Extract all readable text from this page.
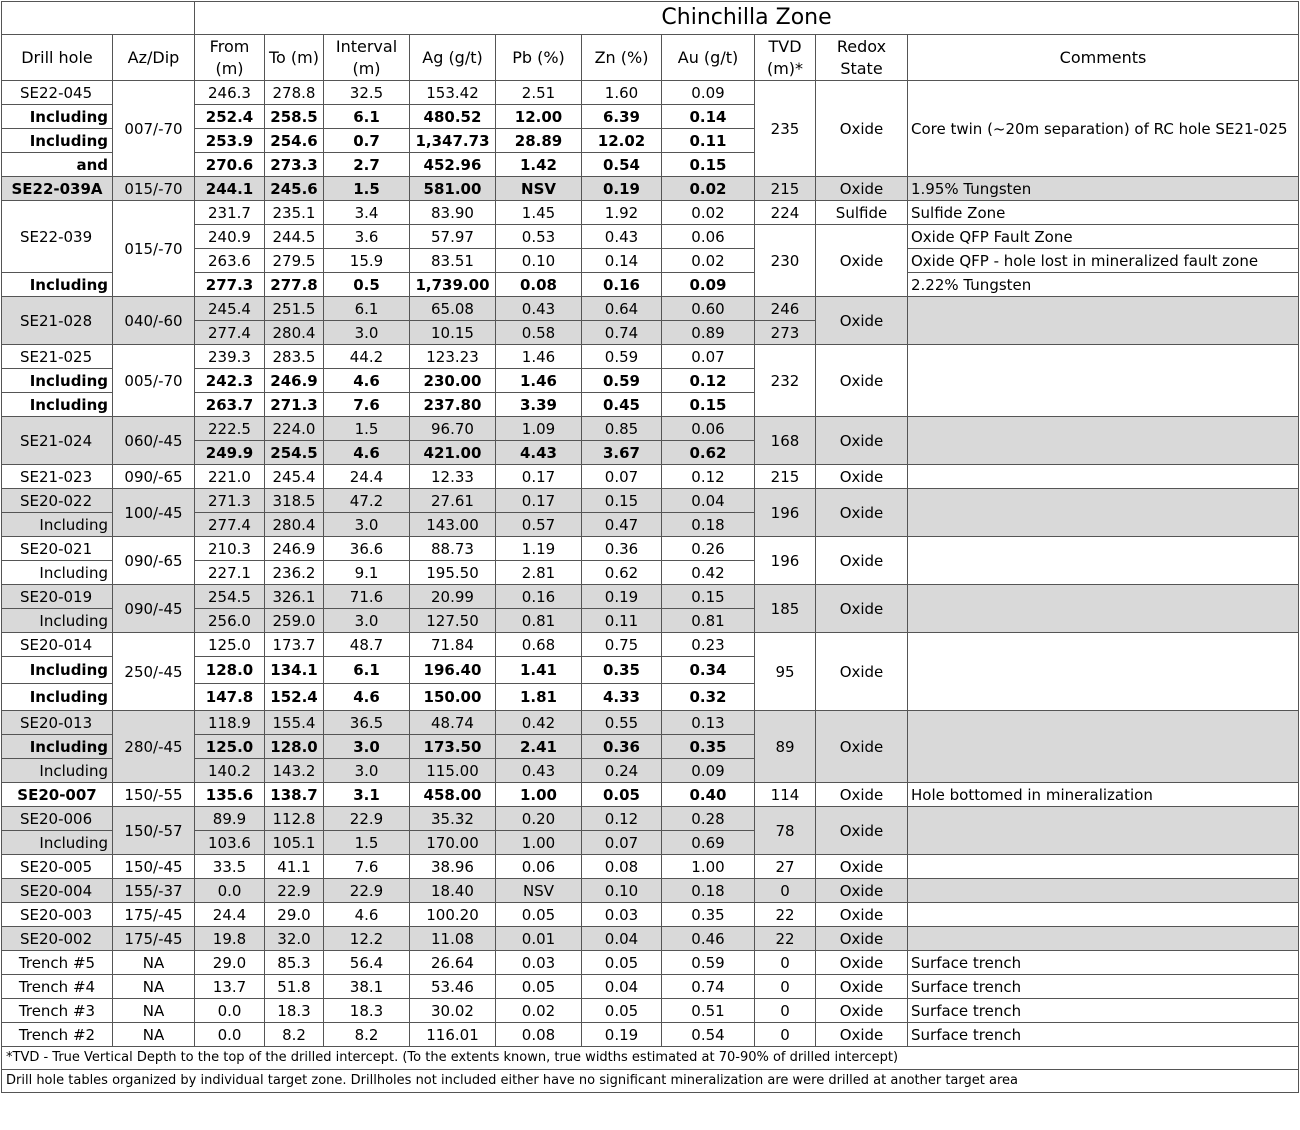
		Chinchilla Zone									
Drill hole	Az/Dip	From (m)	To (m)	Interval (m)	Ag (g/t)	Pb (%)	Zn (%)	Au (g/t)	TVD (m)*	Redox State	Comments
SE22-045	007/-70	246.3	278.8	32.5	153.42	2.51	1.60	0.09	235	Oxide	Core twin (~20m separation) of RC hole SE21-025
Including		252.4	258.5	6.1	480.52	12.00	6.39	0.14			
Including		253.9	254.6	0.7	1,347.73	28.89	12.02	0.11			
and		270.6	273.3	2.7	452.96	1.42	0.54	0.15			
SE22-039A	015/-70	244.1	245.6	1.5	581.00	NSV	0.19	0.02	215	Oxide	1.95% Tungsten
SE22-039	015/-70	231.7	235.1	3.4	83.90	1.45	1.92	0.02	224	Sulfide	Sulfide Zone
		240.9	244.5	3.6	57.97	0.53	0.43	0.06	230	Oxide	Oxide QFP Fault Zone
		263.6	279.5	15.9	83.51	0.10	0.14	0.02			Oxide QFP - hole lost in mineralized fault zone
Including		277.3	277.8	0.5	1,739.00	0.08	0.16	0.09			2.22% Tungsten
SE21-028	040/-60	245.4	251.5	6.1	65.08	0.43	0.64	0.60	246	Oxide	
		277.4	280.4	3.0	10.15	0.58	0.74	0.89	273		
SE21-025	005/-70	239.3	283.5	44.2	123.23	1.46	0.59	0.07	232	Oxide	
Including		242.3	246.9	4.6	230.00	1.46	0.59	0.12			
Including		263.7	271.3	7.6	237.80	3.39	0.45	0.15			
SE21-024	060/-45	222.5	224.0	1.5	96.70	1.09	0.85	0.06	168	Oxide	
		249.9	254.5	4.6	421.00	4.43	3.67	0.62			
SE21-023	090/-65	221.0	245.4	24.4	12.33	0.17	0.07	0.12	215	Oxide	
SE20-022	100/-45	271.3	318.5	47.2	27.61	0.17	0.15	0.04	196	Oxide	
Including		277.4	280.4	3.0	143.00	0.57	0.47	0.18			
SE20-021	090/-65	210.3	246.9	36.6	88.73	1.19	0.36	0.26	196	Oxide	
Including		227.1	236.2	9.1	195.50	2.81	0.62	0.42			
SE20-019	090/-45	254.5	326.1	71.6	20.99	0.16	0.19	0.15	185	Oxide	
Including		256.0	259.0	3.0	127.50	0.81	0.11	0.81			
SE20-014	250/-45	125.0	173.7	48.7	71.84	0.68	0.75	0.23	95	Oxide	
Including		128.0	134.1	6.1	196.40	1.41	0.35	0.34			
Including		147.8	152.4	4.6	150.00	1.81	4.33	0.32			
SE20-013	280/-45	118.9	155.4	36.5	48.74	0.42	0.55	0.13	89	Oxide	
Including		125.0	128.0	3.0	173.50	2.41	0.36	0.35			
Including		140.2	143.2	3.0	115.00	0.43	0.24	0.09			
SE20-007	150/-55	135.6	138.7	3.1	458.00	1.00	0.05	0.40	114	Oxide	Hole bottomed in mineralization
SE20-006	150/-57	89.9	112.8	22.9	35.32	0.20	0.12	0.28	78	Oxide	
Including		103.6	105.1	1.5	170.00	1.00	0.07	0.69			
SE20-005	150/-45	33.5	41.1	7.6	38.96	0.06	0.08	1.00	27	Oxide	
SE20-004	155/-37	0.0	22.9	22.9	18.40	NSV	0.10	0.18	0	Oxide	
SE20-003	175/-45	24.4	29.0	4.6	100.20	0.05	0.03	0.35	22	Oxide	
SE20-002	175/-45	19.8	32.0	12.2	11.08	0.01	0.04	0.46	22	Oxide	
Trench #5	NA	29.0	85.3	56.4	26.64	0.03	0.05	0.59	0	Oxide	Surface trench
Trench #4	NA	13.7	51.8	38.1	53.46	0.05	0.04	0.74	0	Oxide	Surface trench
Trench #3	NA	0.0	18.3	18.3	30.02	0.02	0.05	0.51	0	Oxide	Surface trench
Trench #2	NA	0.0	8.2	8.2	116.01	0.08	0.19	0.54	0	Oxide	Surface trench
*TVD - True Vertical Depth to the top of the drilled intercept. (To the extents known, true widths estimated at 70-90% of drilled intercept)											
Drill hole tables organized by individual target zone. Drillholes not included either have no significant mineralization are were drilled at another target area											
